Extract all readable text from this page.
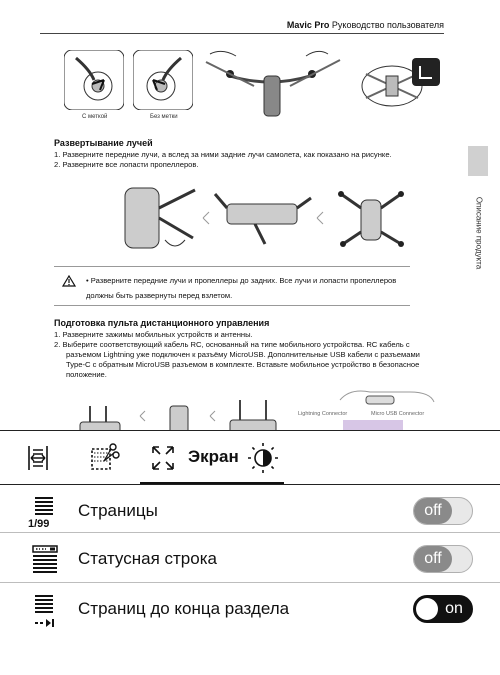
Mavic Pro Руководство пользователя
С меткой	Без метки
Описание продукта
Развертывание лучей
1. Разверните передние лучи, а вслед за ними задние лучи самолета, как показано на рисунке.
2. Разверните все лопасти пропеллеров.
• Разверните передние лучи и пропеллеры до задних. Все лучи и лопасти пропеллеров
должны быть развернуты перед взлетом.
Подготовка пульта дистанционного управления
1. Разверните зажимы мобильных устройств и антенны.
2. Выберите соответствующий кабель RC, основанный на типе мобильного устройства. RC кабель с разъемом Lightning уже подключен к разъёму MicroUSB. Дополнительные USB кабели с разъемами Type-C с обратным MicroUSB разъемом в комплекте. Вставьте мобильное устройство в безопасное положение.
Lightning Connector	Micro USB Connector
Экран
1/99
Страницы	off
Статусная строка	off
Страниц до конца раздела	on
